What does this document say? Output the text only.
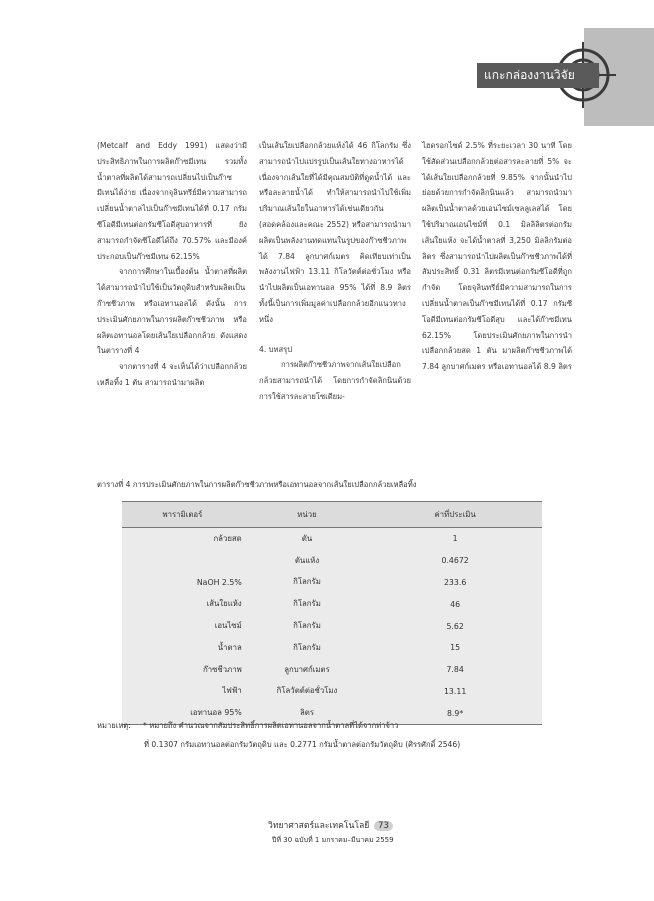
แกะกล่องงานวิจัย

(Metcalf and Eddy 1991) แสดงว่ามีประสิทธิภาพในการผลิตก๊าซมีเทน รวมทั้งน้ำตาลที่ผลิตได้สามารถเปลี่ยนไปเป็นก๊าซมีเทนได้ง่าย เนื่องจากจุลินทรีย์มีความสามารถเปลี่ยนน้ำตาลไปเป็นก๊าซมีเทนได้ที่ 0.17 กรัมซีโอดีมีเทนต่อกรัมซีโอดีสุบอาหารที่ ยังสามารถกำจัดซีโอดีได้ถึง 70.57% และมีองค์ประกอบเป็นก๊าซมีเทน 62.15%

จากการศึกษาในเบื้องต้น น้ำตาลที่ผลิตได้สามารถนำไปใช้เป็นวัตถุดิบสำหรับผลิตเป็นก๊าซชีวภาพ หรือเอทานอลได้ ดังนั้น การประเมินศักยภาพในการผลิตก๊าซชีวภาพ หรือผลิตเอทานอลโดยเส้นใยเปลือกกล้วย ดังแสดงในตารางที่ 4

จากตารางที่ 4 จะเห็นได้ว่าเปลือกกล้วยเหลือทิ้ง 1 ตัน สามารถนำมาผลิต

เป็นเส้นใยเปลือกกล้วยแห้งได้ 46 กิโลกรัม ซึ่งสามารถนำไปแปรรูปเป็นเส้นใยทางอาหารได้ เนื่องจากเส้นใยที่ได้มีคุณสมบัติที่ดูดน้ำได้ และหรือละลายน้ำได้ ทำให้สามารถนำไปใช้เพิ่มปริมาณเส้นใยในอาหารได้เช่นเดียวกัน (สอดคล้องและคณะ 2552) หรือสามารถนำมาผลิตเป็นพลังงานทดแทนในรูปของก๊าซชีวภาพได้ 7.84 ลูกบาศก์เมตร คิดเทียบเท่าเป็นพลังงานไฟฟ้า 13.11 กิโลวัตต์ต่อชั่วโมง หรือนำไปผลิตเป็นเอทานอล 95% ได้ที่ 8.9 ลิตร ทั้งนี้เป็นการเพิ่มมูลค่าเปลือกกล้วยอีกแนวทางหนึ่ง

4. บทสรุป

การผลิตก๊าซชีวภาพจากเส้นใยเปลือกกล้วยสามารถนำได้ โดยการกำจัดลิกนินด้วย การใช้สารละลายโซเดียม-

ไฮดรอกไซด์ 2.5% ที่ระยะเวลา 30 นาที โดยใช้สัดส่วนเปลือกกล้วยต่อสารละลายที่ 5% จะได้เส้นใยเปลือกกล้วยที่ 9.85% จากนั้นนำไปย่อยด้วยการกำจัดลิกนินแล้ว สามารถนำมาผลิตเป็นน้ำตาลด้วยเอนไซม์เซลลูเลสได้ โดยใช้ปริมาณเอนไซม์ที่ 0.1 มิลลิลิตรต่อกรัมเส้นใยแห้ง จะได้น้ำตาลที่ 3,250 มิลลิกรัมต่อลิตร ซึ่งสามารถนำไปผลิตเป็นก๊าซชีวภาพได้ที่สัมประสิทธิ์ 0.31 ลิตรมีเทนต่อกรัมซีโอดีที่ถูกกำจัด โดยจุลินทรีย์มีความสามารถในการเปลี่ยนน้ำตาลเป็นก๊าซมีเทนได้ที่ 0.17 กรัมซีโอดีมีเทนต่อกรัมซีโอดีสุบ และได้ก๊าซมีเทน 62.15% โดยประเมินศักยภาพในการนำเปลือกกล้วยสด 1 ตัน มาผลิตก๊าซชีวภาพได้ 7.84 ลูกบาศก์เมตร หรือเอทานอลได้ 8.9 ลิตร

ตารางที่ 4 การประเมินศักยภาพในการผลิตก๊าซชีวภาพหรือเอทานอลจากเส้นใยเปลือกกล้วยเหลือทิ้ง
พารามิเตอร์	หน่วย	ค่าที่ประเมิน
กล้วยสด	ตัน	1
	ตันแห้ง	0.4672
NaOH 2.5%	กิโลกรัม	233.6
เส้นใยแห้ง	กิโลกรัม	46
เอนไซม์	กิโลกรัม	5.62
น้ำตาล	กิโลกรัม	15
ก๊าซชีวภาพ	ลูกบาศก์เมตร	7.84
ไฟฟ้า	กิโลวัตต์ต่อชั่วโมง	13.11
เอทานอล 95%	ลิตร	8.9*
หมายเหตุ: * หมายถึง คำนวณจากสัมประสิทธิ์การผลิตเอทานอลจากน้ำตาลที่ได้จากท่าจ้าว
ที่ 0.1307 กรัมเอทานอลต่อกรัมวัตถุดิบ และ 0.2771 กรัมน้ำตาลต่อกรัมวัตถุดิบ (ศิรรศักดิ์ 2546)
วิทยาศาสตร์และเทคโนโลยี 73
ปีที่ 30 ฉบับที่ 1 มกราคม–มีนาคม 2559
